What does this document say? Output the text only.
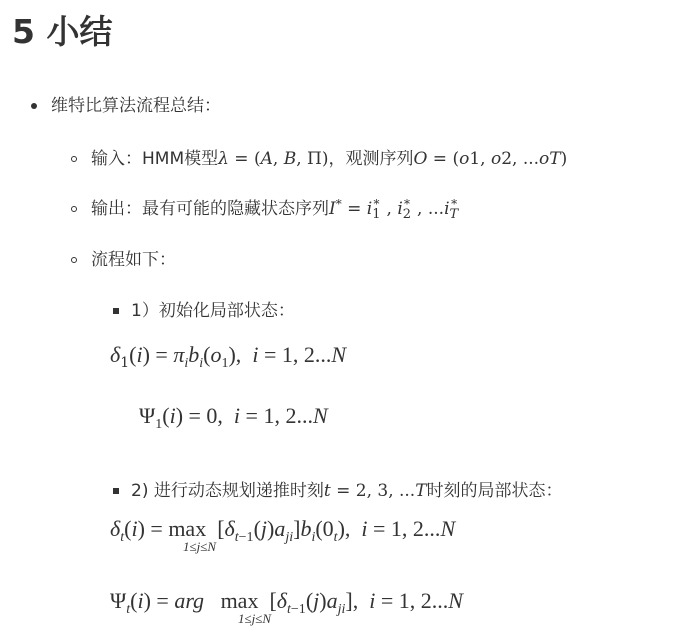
5 小结
维特比算法流程总结：
输入：HMM模型λ = (A, B, Π)，观测序列O = (o1, o2, ...oT)
输出：最有可能的隐藏状态序列$I^* = i_1^*$ , $i_2^*$ , $...i_T^*$
流程如下：
1）初始化局部状态：
$\delta_1(i) = \pi_ib_i(o_1)$,  i = 1, 2...N
$\Psi_1(i) = 0$,  i = 1, 2...N
2) 进行动态规划递推时刻t = 2, 3, ...T时刻的局部状态：
$\delta_t(i) = \max [\delta_{t-1}(j)a_{ji}]b_i(0_t)$,  i = 1, 2...N
1≤j≤N
$\Psi_t(i)$ = arg   $\max [\delta_{t-1}(j)a_{ji}]$,  i = 1, 2...N
1≤j≤N
